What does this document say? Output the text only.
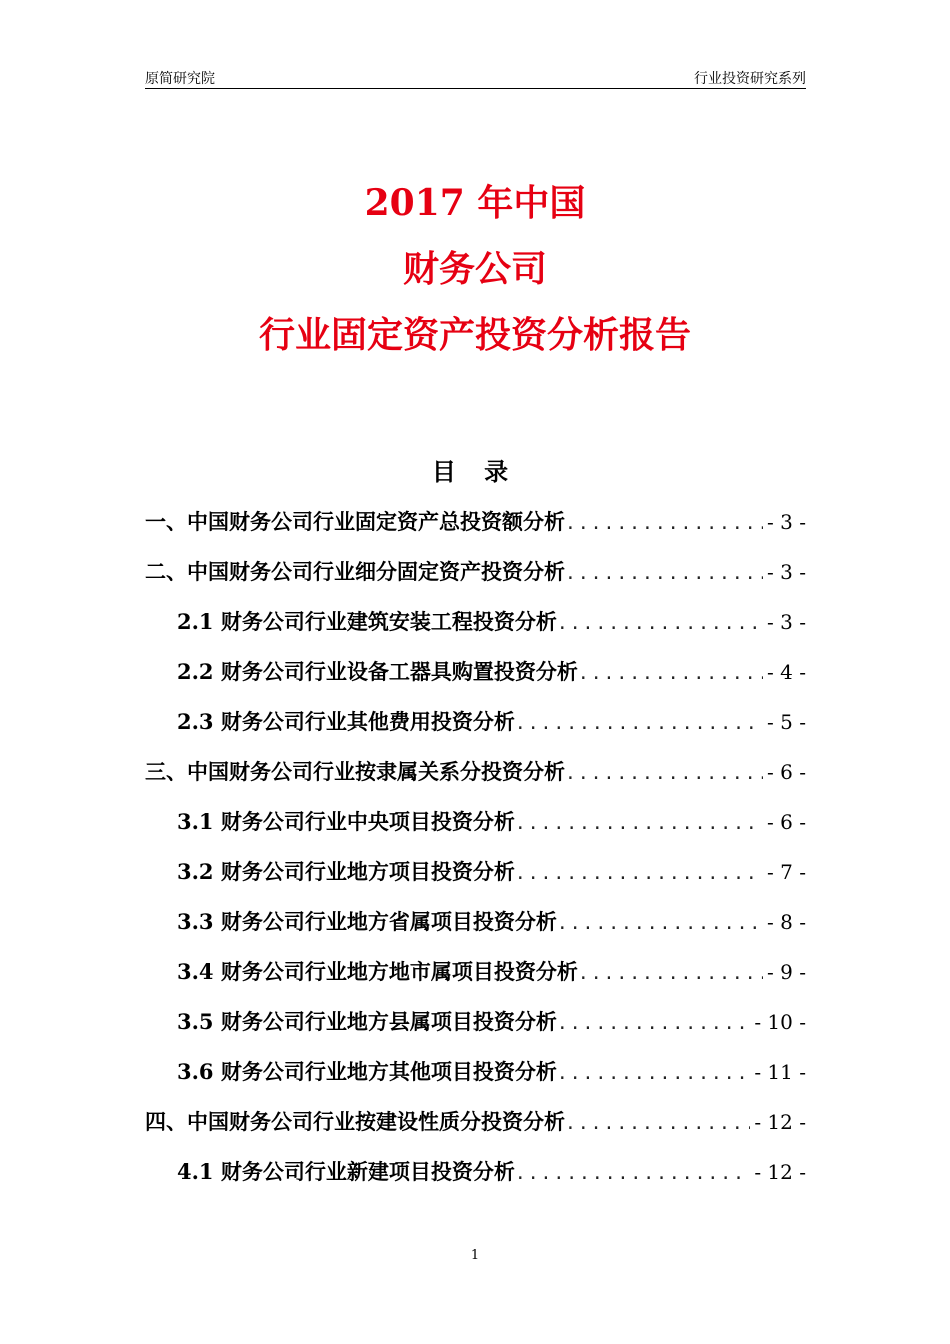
原简研究院	行业投资研究系列
2017 年中国
财务公司
行业固定资产投资分析报告
目 录
一、中国财务公司行业固定资产总投资额分析 .....	- 3 -
二、中国财务公司行业细分固定资产投资分析 .....	- 3 -
2.1 财务公司行业建筑安装工程投资分析 .....	- 3 -
2.2 财务公司行业设备工器具购置投资分析 .....	- 4 -
2.3 财务公司行业其他费用投资分析 .....	- 5 -
三、中国财务公司行业按隶属关系分投资分析 .....	- 6 -
3.1 财务公司行业中央项目投资分析 .....	- 6 -
3.2 财务公司行业地方项目投资分析 .....	- 7 -
3.3 财务公司行业地方省属项目投资分析 .....	- 8 -
3.4 财务公司行业地方地市属项目投资分析 .....	- 9 -
3.5 财务公司行业地方县属项目投资分析 .....	- 10 -
3.6 财务公司行业地方其他项目投资分析 .....	- 11 -
四、中国财务公司行业按建设性质分投资分析 .....	- 12 -
4.1 财务公司行业新建项目投资分析 .....	- 12 -
1
